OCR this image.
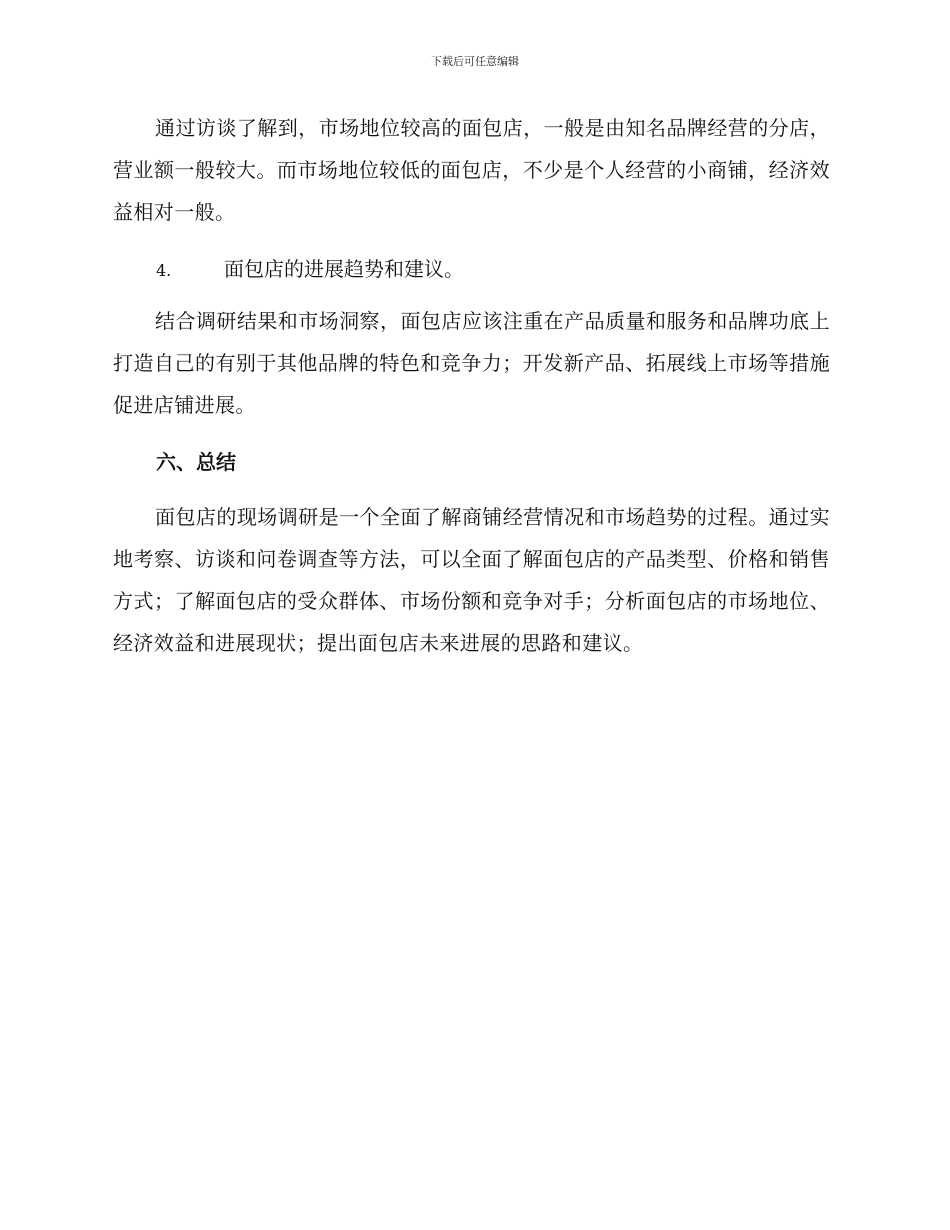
下载后可任意编辑

通过访谈了解到，市场地位较高的面包店，一般是由知名品牌经营的分店，营业额一般较大。而市场地位较低的面包店，不少是个人经营的小商铺，经济效益相对一般。

4.	面包店的进展趋势和建议。

结合调研结果和市场洞察，面包店应该注重在产品质量和服务和品牌功底上打造自己的有别于其他品牌的特色和竞争力；开发新产品、拓展线上市场等措施促进店铺进展。

六、总结

面包店的现场调研是一个全面了解商铺经营情况和市场趋势的过程。通过实地考察、访谈和问卷调查等方法，可以全面了解面包店的产品类型、价格和销售方式；了解面包店的受众群体、市场份额和竞争对手；分析面包店的市场地位、经济效益和进展现状；提出面包店未来进展的思路和建议。
